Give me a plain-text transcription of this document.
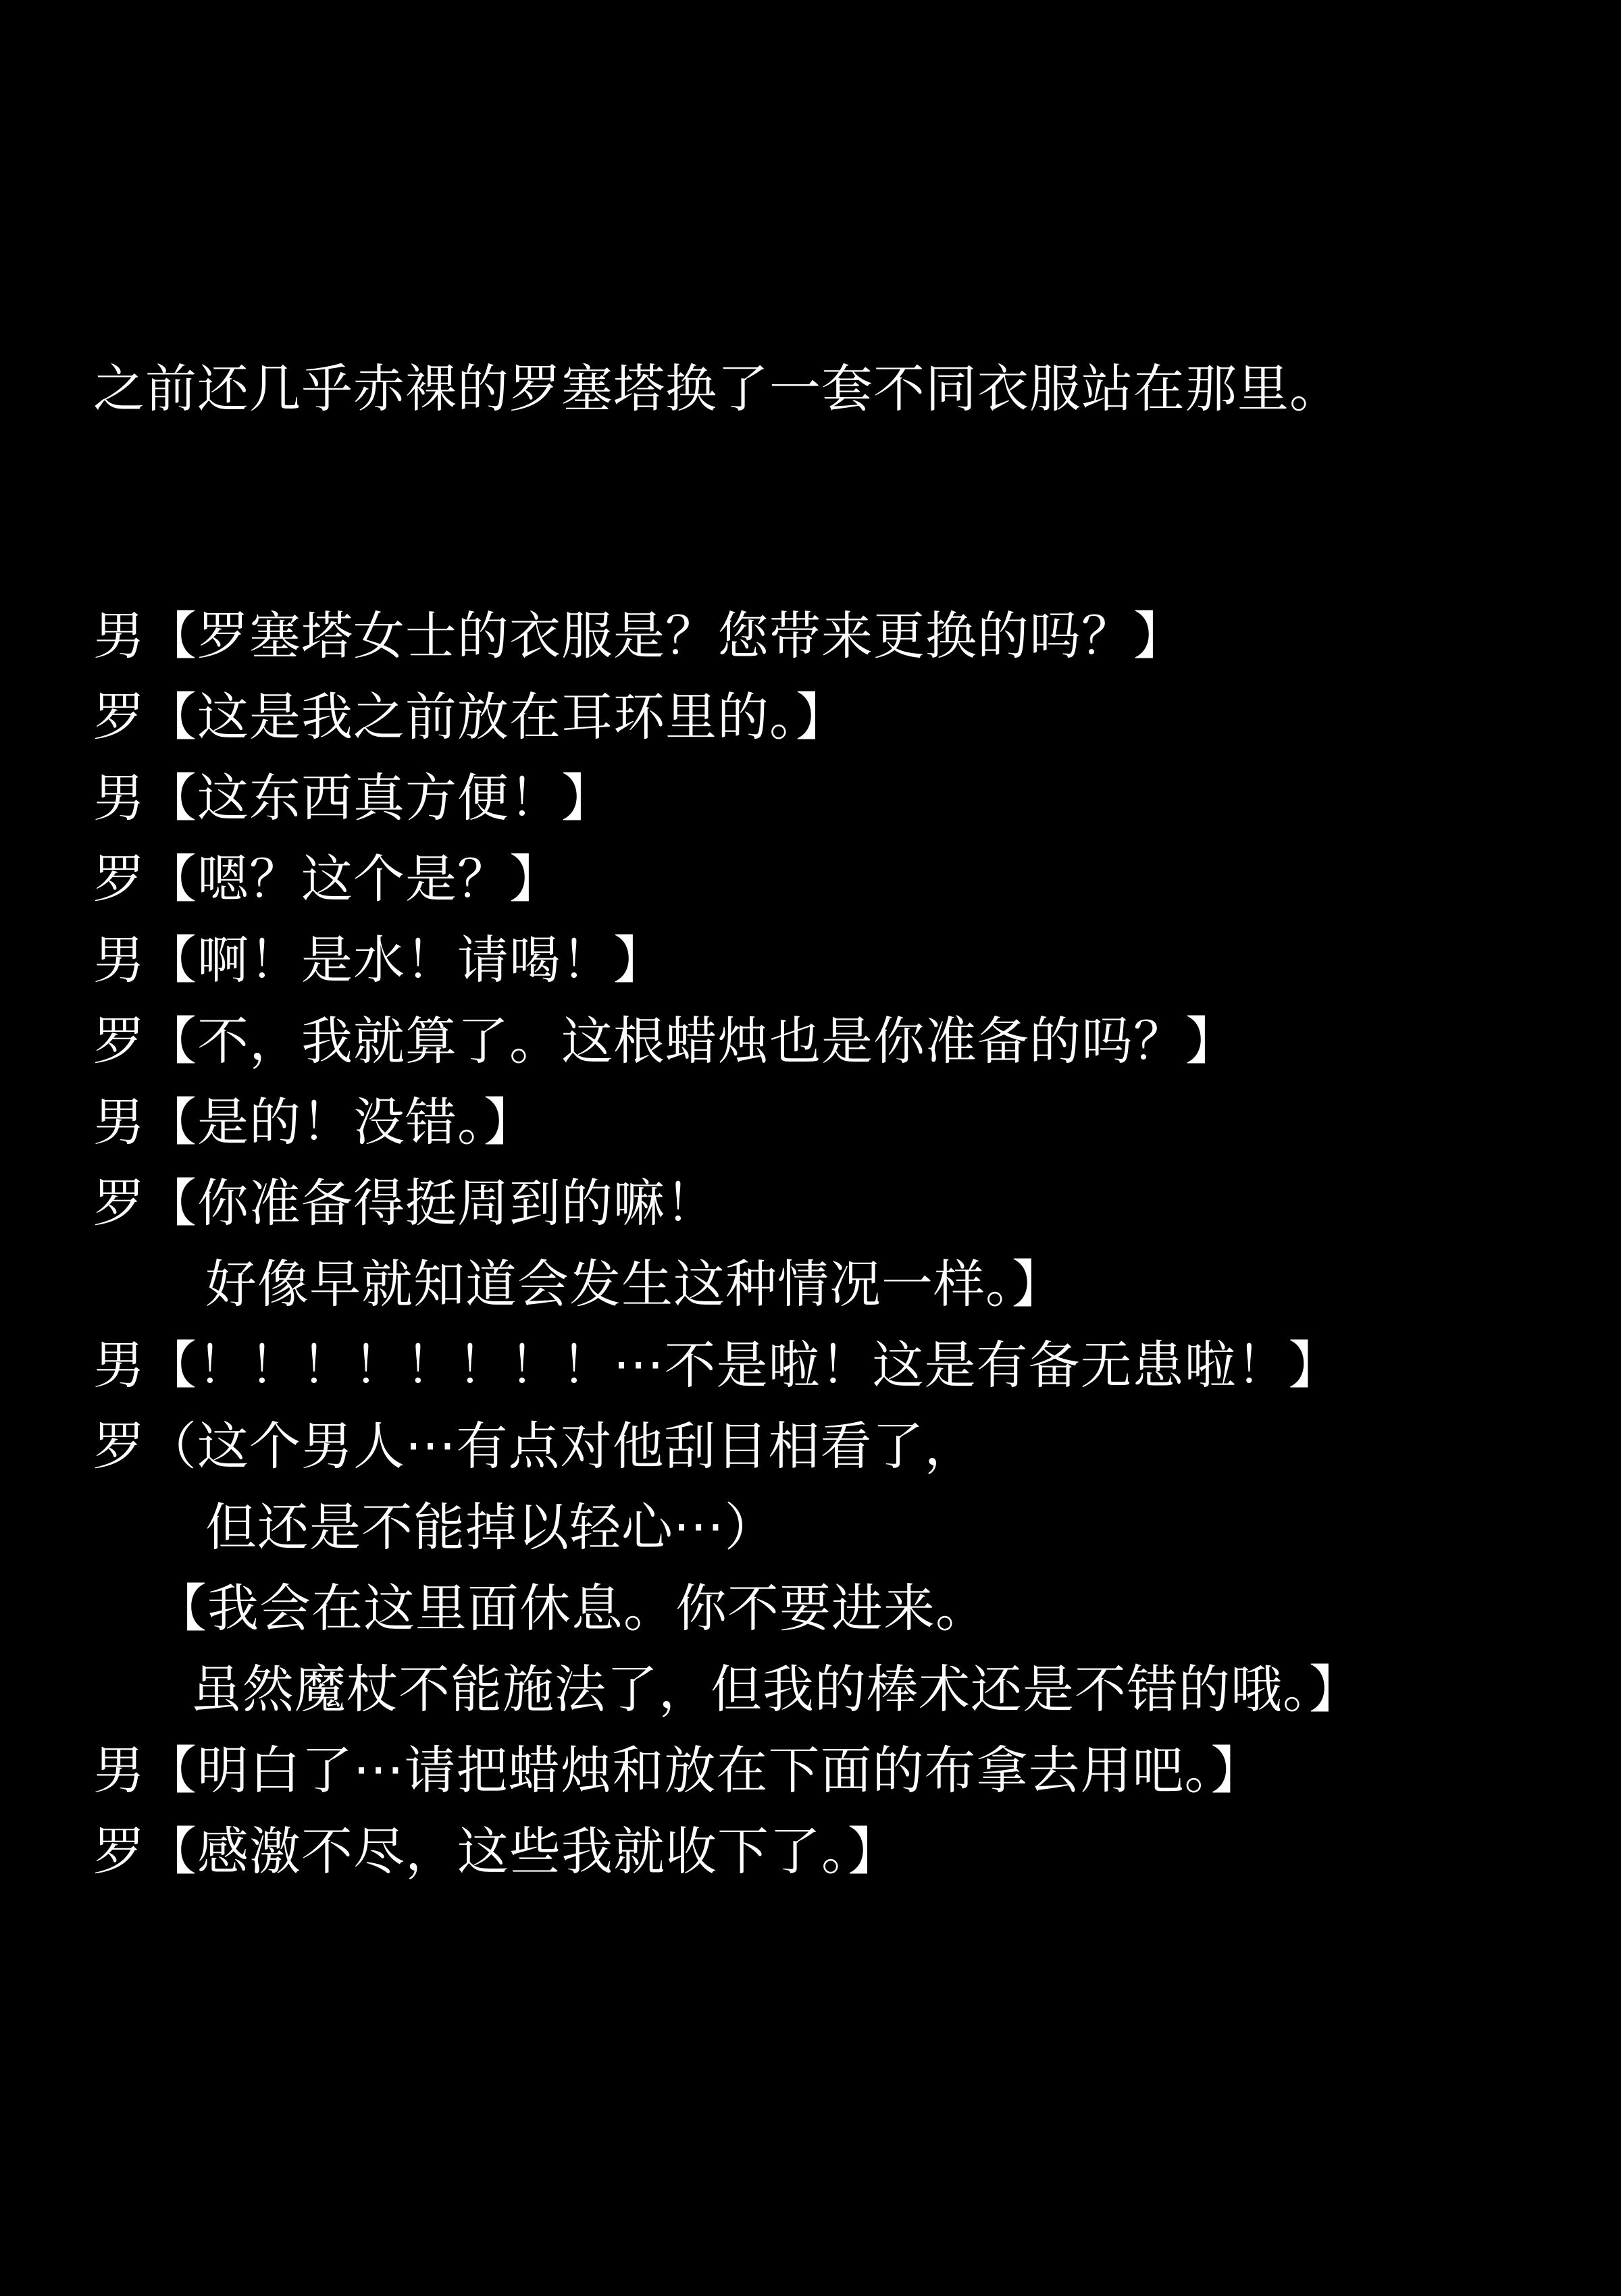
之前还几乎赤裸的罗塞塔换了一套不同衣服站在那里。

男【罗塞塔女士的衣服是？您带来更换的吗？】

罗【这是我之前放在耳环里的。】

男【这东西真方便！】

罗【嗯？这个是？】

男【啊！是水！请喝！】

罗【不，我就算了。这根蜡烛也是你准备的吗？】

男【是的！没错。】

罗【你准备得挺周到的嘛！

好像早就知道会发生这种情况一样。】

男【！！！！！！！！···不是啦！这是有备无患啦！】

罗（这个男人···有点对他刮目相看了，

但还是不能掉以轻心···）

【我会在这里面休息。你不要进来。

虽然魔杖不能施法了，但我的棒术还是不错的哦。】

男【明白了···请把蜡烛和放在下面的布拿去用吧。】

罗【感激不尽，这些我就收下了。】
